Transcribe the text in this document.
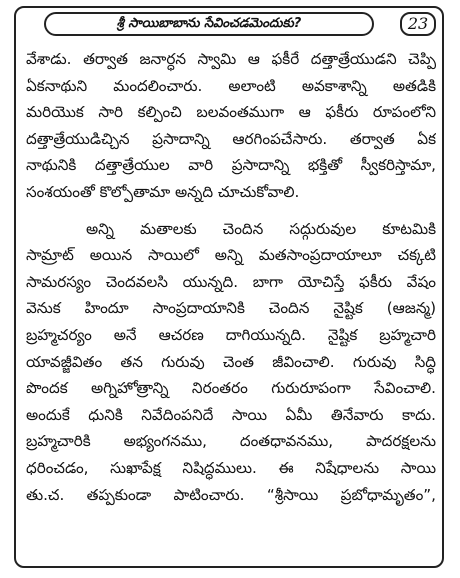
శ్రీ సాయిబాబాను సేవించడమెందుకు?	23
వేశాడు. తర్వాత జనార్ధన స్వామి ఆ ఫకీరే దత్తాత్రేయుడని చెప్పి
ఏకనాథుని మందలించారు. అలాంటి అవకాశాన్ని అతడికి
మరియొక సారి కల్పించి బలవంతముగా ఆ ఫకీరు రూపంలోని
దత్తాత్రేయుడిచ్చిన ప్రసాదాన్ని ఆరగింపచేసారు. తర్వాత ఏక
నాథునికి దత్తాత్రేయుల వారి ప్రసాదాన్ని భక్తితో స్వీకరిస్తామా,
సంశయంతో కొల్పోతామా అన్నది చూచుకోవాలి.
అన్ని మతాలకు చెందిన సద్గురువుల కూటమికి
సామ్రాట్ అయిన సాయిలో అన్ని మతసాంప్రదాయాలూ చక్కటి
సామరస్యం చెందవలసి యున్నది. బాగా యోచిస్తే ఫకీరు వేషం
వెనుక హిందూ సాంప్రదాయానికి చెందిన నైష్టిక (ఆజన్మ)
బ్రహ్మచర్యం అనే ఆచరణ దాగియున్నది. నైష్టిక బ్రహ్మచారి
యావజ్జీవితం తన గురువు చెంత జీవించాలి. గురువు సిద్ధి
పొందక అగ్నిహోత్రాన్ని నిరంతరం గురురూపంగా సేవించాలి.
అందుకే ధునికి నివేదింపనిదే సాయి ఏమీ తినేవారు కాదు.
బ్రహ్మచారికి అభ్యంగనము, దంతధావనము, పాదరక్షలను
ధరించడం, సుఖాపేక్ష నిషిద్ధములు. ఈ నిషేధాలను సాయి
తు.చ. తప్పకుండా పాటించారు. “శ్రీసాయి ప్రబోధామృతం”,
